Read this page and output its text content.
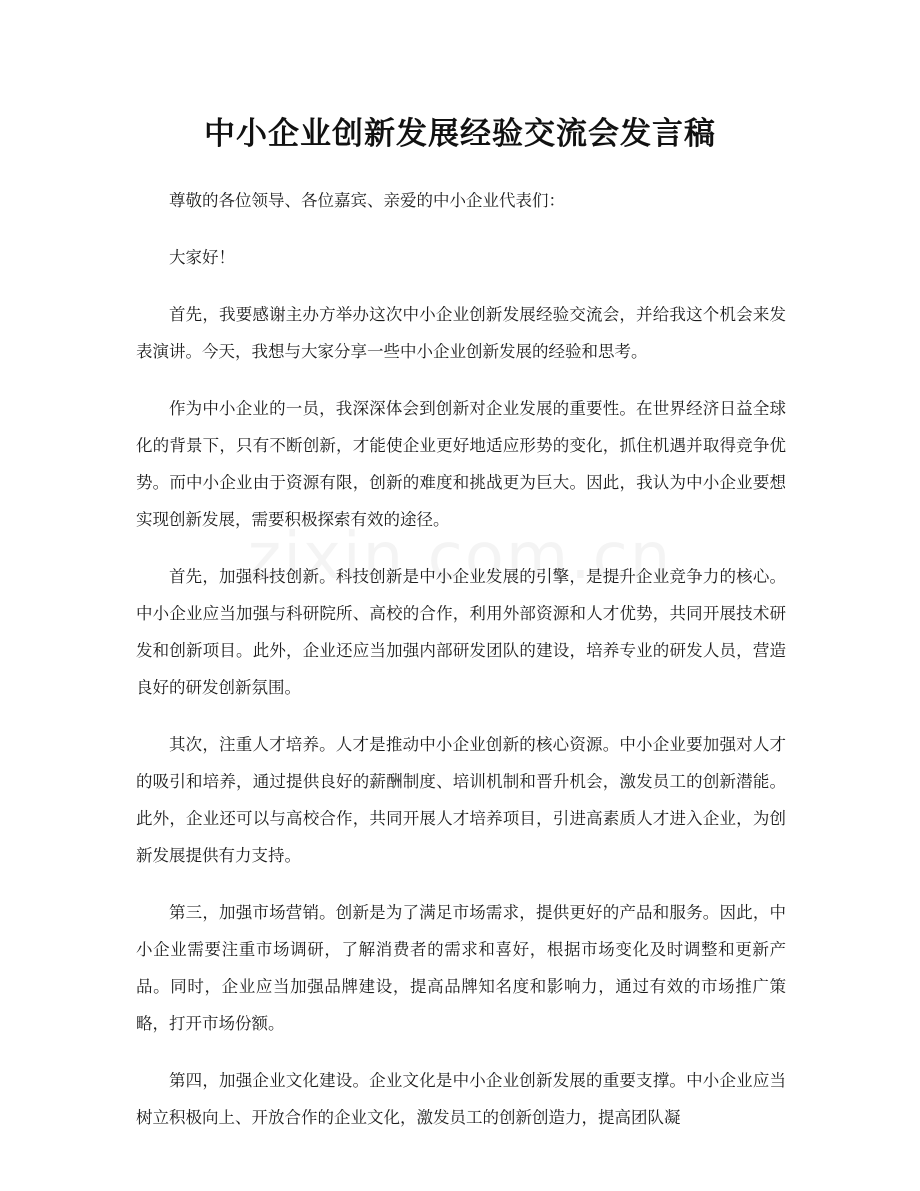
中小企业创新发展经验交流会发言稿

尊敬的各位领导、各位嘉宾、亲爱的中小企业代表们：

大家好！

首先，我要感谢主办方举办这次中小企业创新发展经验交流会，并给我这个机会来发表演讲。今天，我想与大家分享一些中小企业创新发展的经验和思考。

作为中小企业的一员，我深深体会到创新对企业发展的重要性。在世界经济日益全球化的背景下，只有不断创新，才能使企业更好地适应形势的变化，抓住机遇并取得竞争优势。而中小企业由于资源有限，创新的难度和挑战更为巨大。因此，我认为中小企业要想实现创新发展，需要积极探索有效的途径。

首先，加强科技创新。科技创新是中小企业发展的引擎，是提升企业竞争力的核心。中小企业应当加强与科研院所、高校的合作，利用外部资源和人才优势，共同开展技术研发和创新项目。此外，企业还应当加强内部研发团队的建设，培养专业的研发人员，营造良好的研发创新氛围。

其次，注重人才培养。人才是推动中小企业创新的核心资源。中小企业要加强对人才的吸引和培养，通过提供良好的薪酬制度、培训机制和晋升机会，激发员工的创新潜能。此外，企业还可以与高校合作，共同开展人才培养项目，引进高素质人才进入企业，为创新发展提供有力支持。

第三，加强市场营销。创新是为了满足市场需求，提供更好的产品和服务。因此，中小企业需要注重市场调研，了解消费者的需求和喜好，根据市场变化及时调整和更新产品。同时，企业应当加强品牌建设，提高品牌知名度和影响力，通过有效的市场推广策略，打开市场份额。

第四，加强企业文化建设。企业文化是中小企业创新发展的重要支撑。中小企业应当树立积极向上、开放合作的企业文化，激发员工的创新创造力，提高团队凝
